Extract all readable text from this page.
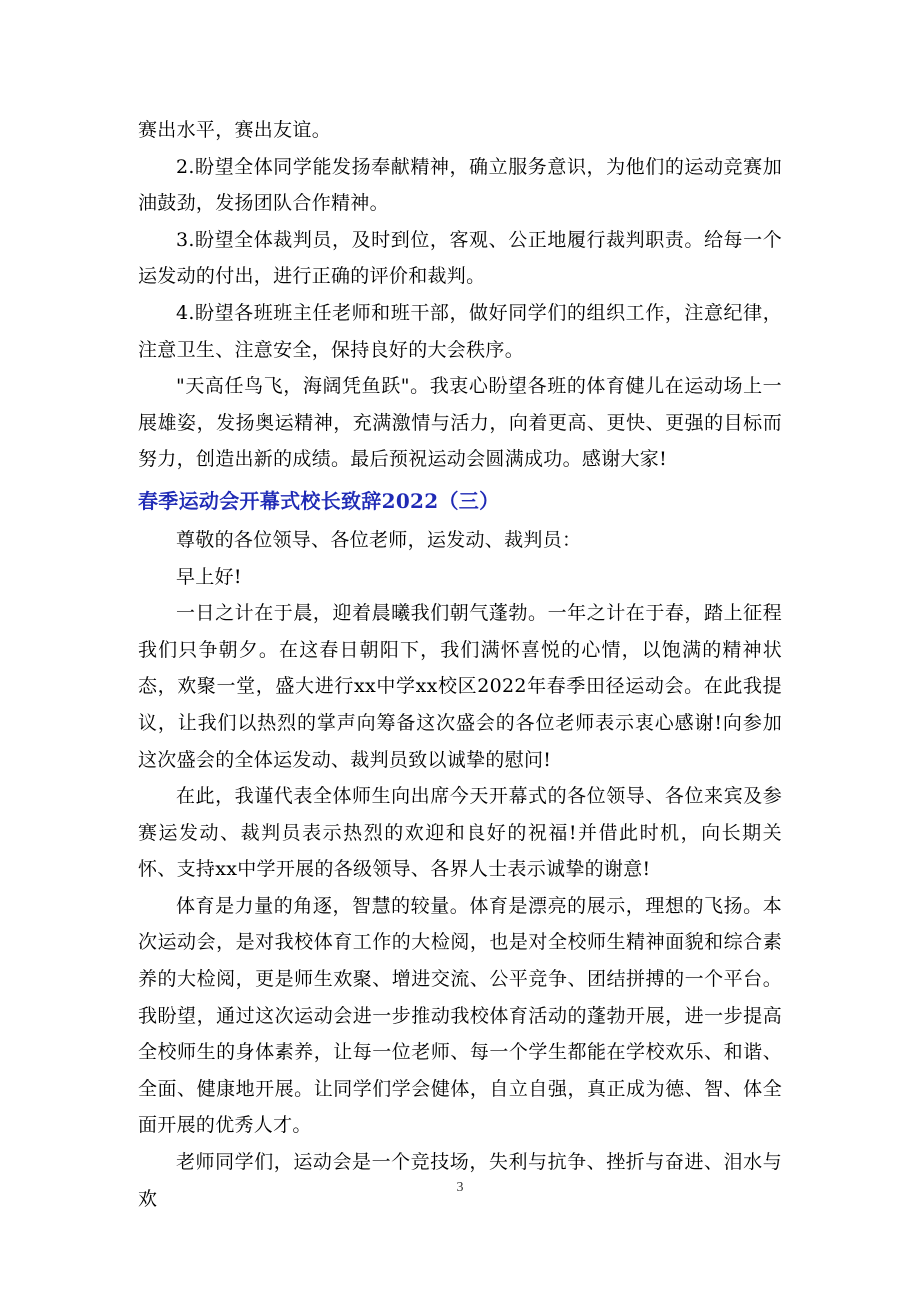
赛出水平，赛出友谊。

2.盼望全体同学能发扬奉献精神，确立服务意识，为他们的运动竞赛加油鼓劲，发扬团队合作精神。

3.盼望全体裁判员，及时到位，客观、公正地履行裁判职责。给每一个运发动的付出，进行正确的评价和裁判。

4.盼望各班班主任老师和班干部，做好同学们的组织工作，注意纪律，注意卫生、注意安全，保持良好的大会秩序。

"天高任鸟飞，海阔凭鱼跃"。我衷心盼望各班的体育健儿在运动场上一展雄姿，发扬奥运精神，充满激情与活力，向着更高、更快、更强的目标而努力，创造出新的成绩。最后预祝运动会圆满成功。感谢大家!

春季运动会开幕式校长致辞2022（三）

尊敬的各位领导、各位老师，运发动、裁判员：

早上好!

一日之计在于晨，迎着晨曦我们朝气蓬勃。一年之计在于春，踏上征程我们只争朝夕。在这春日朝阳下，我们满怀喜悦的心情，以饱满的精神状态，欢聚一堂，盛大进行xx中学xx校区2022年春季田径运动会。在此我提议，让我们以热烈的掌声向筹备这次盛会的各位老师表示衷心感谢!向参加这次盛会的全体运发动、裁判员致以诚挚的慰问!

在此，我谨代表全体师生向出席今天开幕式的各位领导、各位来宾及参赛运发动、裁判员表示热烈的欢迎和良好的祝福!并借此时机，向长期关怀、支持xx中学开展的各级领导、各界人士表示诚挚的谢意!

体育是力量的角逐，智慧的较量。体育是漂亮的展示，理想的飞扬。本次运动会，是对我校体育工作的大检阅，也是对全校师生精神面貌和综合素养的大检阅，更是师生欢聚、增进交流、公平竞争、团结拼搏的一个平台。我盼望，通过这次运动会进一步推动我校体育活动的蓬勃开展，进一步提高全校师生的身体素养，让每一位老师、每一个学生都能在学校欢乐、和谐、全面、健康地开展。让同学们学会健体，自立自强，真正成为德、智、体全面开展的优秀人才。

老师同学们，运动会是一个竞技场，失利与抗争、挫折与奋进、泪水与欢

3
